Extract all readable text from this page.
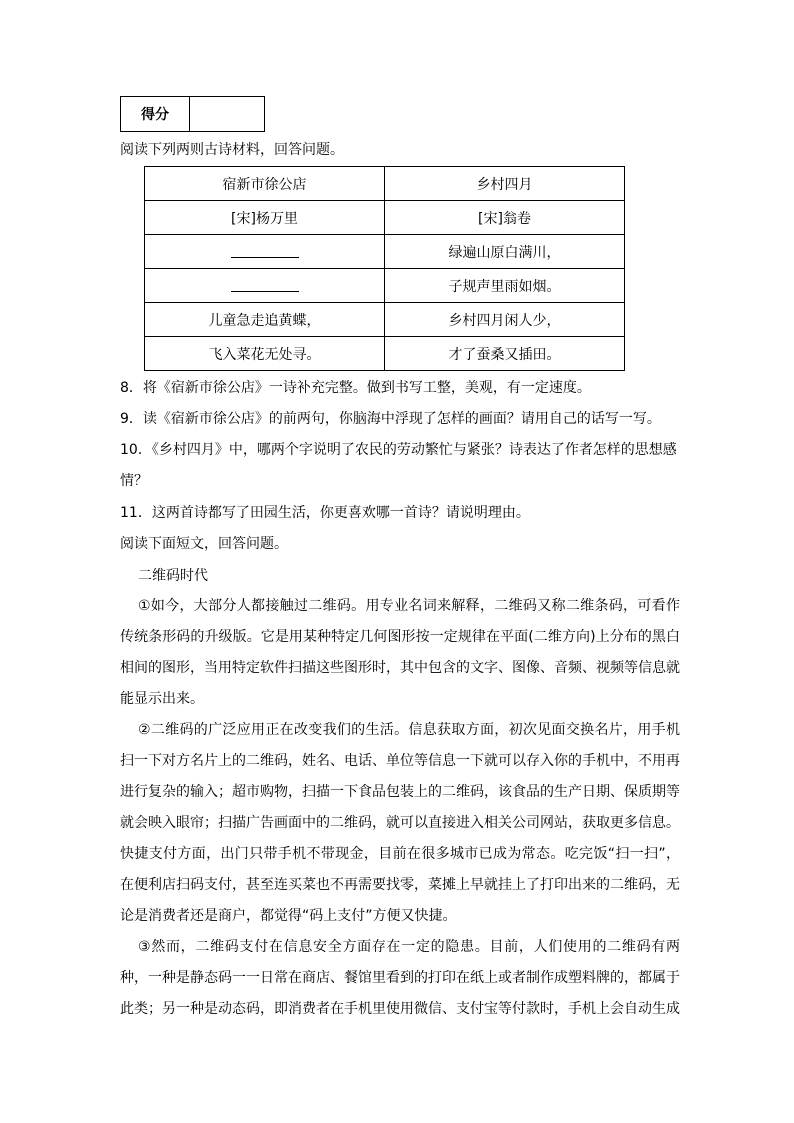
得分	
阅读下列两则古诗材料，回答问题。
宿新市徐公店	乡村四月
[宋]杨万里	[宋]翁卷
	绿遍山原白满川，
	子规声里雨如烟。
儿童急走追黄蝶，	乡村四月闲人少，
飞入菜花无处寻。	才了蚕桑又插田。
8．将《宿新市徐公店》一诗补充完整。做到书写工整，美观，有一定速度。
9．读《宿新市徐公店》的前两句，你脑海中浮现了怎样的画面？请用自己的话写一写。
10．《乡村四月》中，哪两个字说明了农民的劳动繁忙与紧张？诗表达了作者怎样的思想感
情？
11．这两首诗都写了田园生活，你更喜欢哪一首诗？请说明理由。
阅读下面短文，回答问题。
二维码时代

①如今，大部分人都接触过二维码。用专业名词来解释，二维码又称二维条码，可看作传统条形码的升级版。它是用某种特定几何图形按一定规律在平面(二维方向)上分布的黑白相间的图形，当用特定软件扫描这些图形时，其中包含的文字、图像、音频、视频等信息就能显示出来。

②二维码的广泛应用正在改变我们的生活。信息获取方面，初次见面交换名片，用手机扫一下对方名片上的二维码，姓名、电话、单位等信息一下就可以存入你的手机中，不用再进行复杂的输入；超市购物，扫描一下食品包装上的二维码，该食品的生产日期、保质期等就会映入眼帘；扫描广告画面中的二维码，就可以直接进入相关公司网站，获取更多信息。快捷支付方面，出门只带手机不带现金，目前在很多城市已成为常态。吃完饭“扫一扫”，在便利店扫码支付，甚至连买菜也不再需要找零，菜摊上早就挂上了打印出来的二维码，无论是消费者还是商户，都觉得“码上支付”方便又快捷。

③然而，二维码支付在信息安全方面存在一定的隐患。目前，人们使用的二维码有两种，一种是静态码一一日常在商店、餐馆里看到的打印在纸上或者制作成塑料牌的，都属于此类；另一种是动态码，即消费者在手机里使用微信、支付宝等付款时，手机上会自动生成
